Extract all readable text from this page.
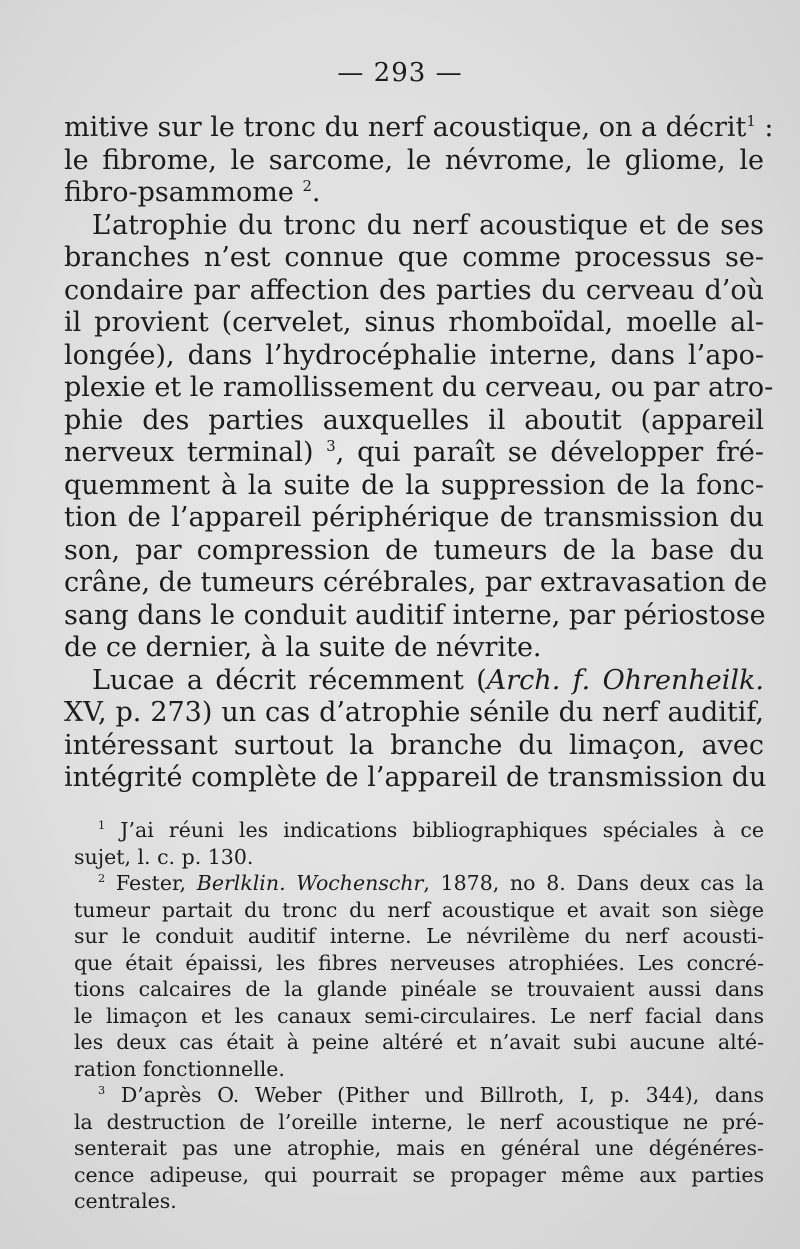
— 293 —
mitive sur le tronc du nerf acoustique, on a décrit$^1$ :
le fibrome, le sarcome, le névrome, le gliome, le
fibro-psammome $^2$.
L’atrophie du tronc du nerf acoustique et de ses
branches n’est connue que comme processus se-
condaire par affection des parties du cerveau d’où
il provient (cervelet, sinus rhomboïdal, moelle al-
longée), dans l’hydrocéphalie interne, dans l’apo-
plexie et le ramollissement du cerveau, ou par atro-
phie des parties auxquelles il aboutit (appareil
nerveux terminal) $^3$, qui paraît se développer fré-
quemment à la suite de la suppression de la fonc-
tion de l’appareil périphérique de transmission du
son, par compression de tumeurs de la base du
crâne, de tumeurs cérébrales, par extravasation de
sang dans le conduit auditif interne, par périostose
de ce dernier, à la suite de névrite.
Lucae a décrit récemment (Arch. f. Ohrenheilk.
XV, p. 273) un cas d’atrophie sénile du nerf auditif,
intéressant surtout la branche du limaçon, avec
intégrité complète de l’appareil de transmission du
$^1$ J’ai réuni les indications bibliographiques spéciales à ce
sujet, l. c. p. 130.
$^2$ Fester, Berlklin. Wochenschr, 1878, no 8. Dans deux cas la
tumeur partait du tronc du nerf acoustique et avait son siège
sur le conduit auditif interne. Le névrilème du nerf acousti-
que était épaissi, les fibres nerveuses atrophiées. Les concré-
tions calcaires de la glande pinéale se trouvaient aussi dans
le limaçon et les canaux semi-circulaires. Le nerf facial dans
les deux cas était à peine altéré et n’avait subi aucune alté-
ration fonctionnelle.
$^3$ D’après O. Weber (Pither und Billroth, I, p. 344), dans
la destruction de l’oreille interne, le nerf acoustique ne pré-
senterait pas une atrophie, mais en général une dégénéres-
cence adipeuse, qui pourrait se propager même aux parties
centrales.
